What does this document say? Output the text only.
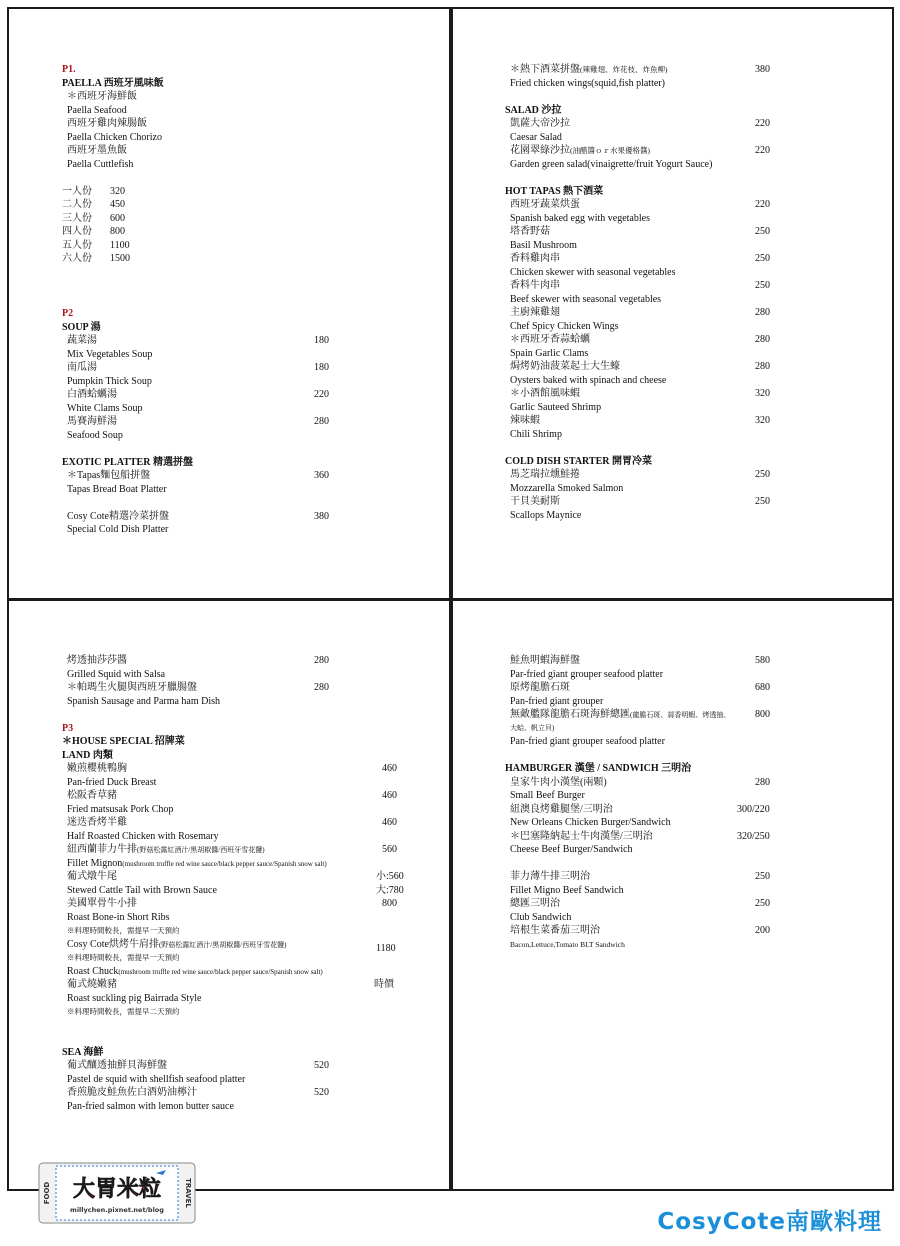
P1.
PAELLA 西班牙風味飯
＊西班牙海鮮飯
Paella Seafood
西班牙雞肉辣腸飯
Paella Chicken Chorizo
西班牙墨魚飯
Paella Cuttlefish
一人份 320
二人份 450
三人份 600
四人份 800
五人份 1100
六人份 1500
P2
SOUP 湯
蔬菜湯	180
Mix Vegetables Soup
南瓜湯	180
Pumpkin Thick Soup
白酒蛤蠣湯	220
White Clams Soup
馬賽海鮮湯	280
Seafood Soup
EXOTIC PLATTER 精選拼盤
＊Tapas麵包船拼盤	360
Tapas Bread Boat Platter
Cosy Cote精選冷菜拼盤	380
Special Cold Dish Platter
＊熱下酒菜拼盤(辣雞翅、炸花枝、炸魚柳)	380
Fried chicken wings(squid,fish platter)
SALAD 沙拉
凱薩大帝沙拉	220
Caesar Salad
花園翠綠沙拉(油醋醬ｏｒ水果優格醬)	220
Garden green salad(vinaigrette/fruit Yogurt Sauce)
HOT TAPAS 熱下酒菜
西班牙蔬菜烘蛋	220
Spanish baked egg with vegetables
塔香野菇	250
Basil Mushroom
香料雞肉串	250
Chicken skewer with seasonal vegetables
香料牛肉串	250
Beef skewer with seasonal vegetables
主廚辣雞翅	280
Chef Spicy Chicken Wings
＊西班牙香蒜蛤蠣	280
Spain Garlic Clams
焗烤奶油菠菜起士大生蠔	280
Oysters baked with spinach and cheese
＊小酒館風味蝦	320
Garlic Sauteed Shrimp
辣味蝦	320
Chili Shrimp
COLD DISH STARTER 開胃冷菜
馬芝瑞拉燻鮭捲	250
Mozzarella Smoked Salmon
干貝美耐斯	250
Scallops Maynice
烤透抽莎莎醬	280
Grilled Squid with Salsa
＊帕瑪生火腿與西班牙臘腸盤	280
Spanish Sausage and Parma ham Dish
P3
＊HOUSE SPECIAL 招牌菜
LAND 肉類
嫩煎櫻桃鴨胸	460
Pan-fried Duck Breast
松阪香草豬	460
Fried matsusak Pork Chop
迷迭香烤半雞	460
Half Roasted Chicken with Rosemary
紐西蘭菲力牛排(野菇松露紅酒汁/黑胡椒醬/西班牙雪花鹽)	560
Fillet Mignon(mushroom truffle red wine sauce/black pepper sauce/Spanish snow salt)
葡式燉牛尾	小:560
Stewed Cattle Tail with Brown Sauce	大:780
美國單骨牛小排	800
Roast Bone-in Short Ribs
※料理時間較長，需提早一天預約
Cosy Cote烘烤牛肩排(野菇松露紅酒汁/黑胡椒醬/西班牙雪花鹽)	1180
※料理時間較長，需提早一天預約
Roast Chuck(mushroom truffle red wine sauce/black pepper sauce/Spanish snow salt)
葡式燒嫩豬	時價
Roast suckling pig Bairrada Style
※料理時間較長，需提早二天預約
SEA 海鮮
葡式釀透抽鮮貝海鮮盤	520
Pastel de squid with shellfish seafood platter
香煎脆皮鮭魚佐白酒奶油檸汁	520
Pan-fried salmon with lemon butter sauce
鮭魚明蝦海鮮盤	580
Par-fried giant grouper seafood platter
原烤龍膽石斑	680
Pan-fried giant grouper
無敵艦隊龍膽石斑海鮮總匯(龍膽石斑、蒜香明蝦、烤透抽、 800
大蛤、帆立貝)
Pan-fried giant grouper seafood platter
HAMBURGER 漢堡 / SANDWICH 三明治
皇家牛肉小漢堡(兩顆)	280
Small Beef Burger
紐澳良烤雞腿堡/三明治	300/220
New Orleans Chicken Burger/Sandwich
＊巴塞隆納起士牛肉漢堡/三明治	320/250
Cheese Beef Burger/Sandwich
菲力薄牛排三明治	250
Fillet Migno Beef Sandwich
總匯三明治	250
Club Sandwich
培根生菜番茄三明治	200
Bacon,Lettuce,Tomato BLT Sandwich
FOOD	TRAVEL
大胃米粒
millychen.pixnet.net/blog	CosyCote南歐料理
